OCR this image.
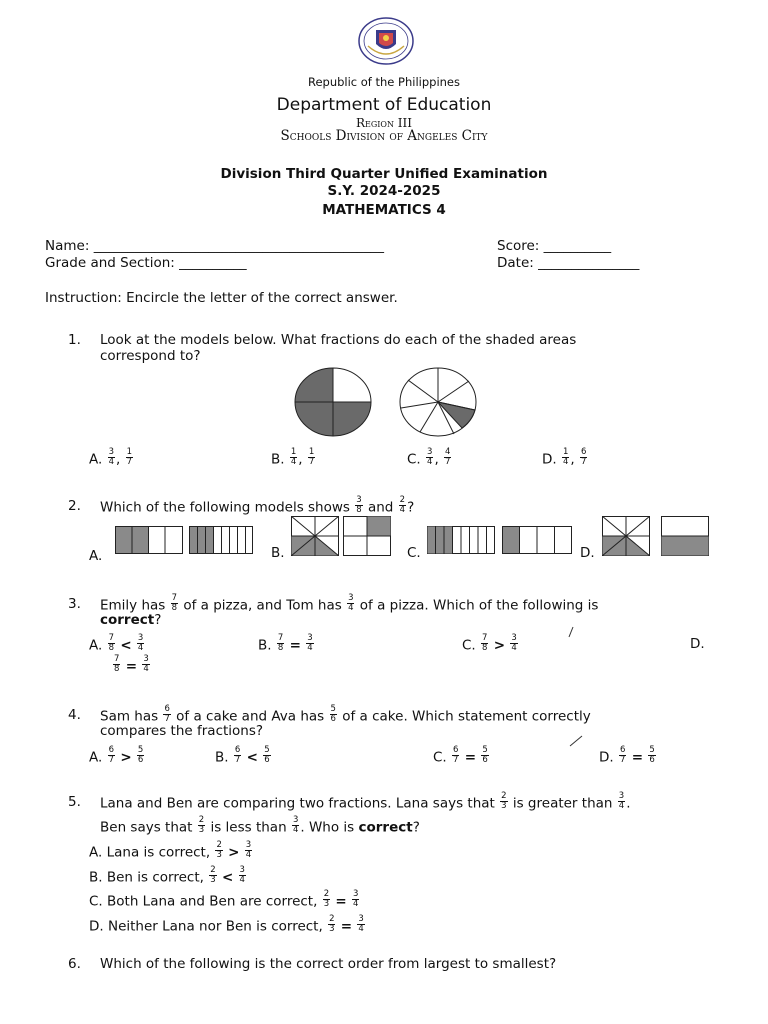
Republic of the Philippines
Department of Education
Region III
Schools Division of Angeles City
Division Third Quarter Unified Examination
S.Y. 2024-2025
MATHEMATICS 4
Name: ___________________________________________	Score: __________
Grade and Section: __________	Date: _______________
Instruction: Encircle the letter of the correct answer.
1. Look at the models below. What fractions do each of the shaded areas
correspond to?
A. $\frac{3}{4}$ , $\frac{1}{7}$	B. $\frac{1}{4}$ , $\frac{1}{7}$	C. $\frac{3}{4}$ , $\frac{4}{7}$	D. $\frac{1}{4}$ , $\frac{6}{7}$
2. Which of the following models shows $\frac{3}{8}$ and $\frac{2}{4}$ ?
A.	B.	C.	D.
3. Emily has $\frac{7}{8}$ of a pizza, and Tom has $\frac{3}{4}$ of a pizza. Which of the following is
correct?
A. $\frac{7}{8} < \frac{3}{4}$	B. $\frac{7}{8} = \frac{3}{4}$	C. $\frac{7}{8} > \frac{3}{4}$	D.
$\frac{7}{8} = \frac{3}{4}$
4. Sam has $\frac{6}{7}$ of a cake and Ava has $\frac{5}{6}$ of a cake. Which statement correctly
compares the fractions?
A. $\frac{6}{7} > \frac{5}{6}$	B. $\frac{6}{7} < \frac{5}{6}$	C. $\frac{6}{7} = \frac{5}{6}$	D. $\frac{6}{7} = \frac{5}{6}$
5. Lana and Ben are comparing two fractions. Lana says that $\frac{2}{3}$ is greater than $\frac{3}{4}$ .
Ben says that $\frac{2}{3}$ is less than $\frac{3}{4}$ . Who is correct?
A. Lana is correct, $\frac{2}{3} > \frac{3}{4}$
B. Ben is correct, $\frac{2}{3} < \frac{3}{4}$
C. Both Lana and Ben are correct, $\frac{2}{3} = \frac{3}{4}$
D. Neither Lana nor Ben is correct, $\frac{2}{3} = \frac{3}{4}$
6. Which of the following is the correct order from largest to smallest?
